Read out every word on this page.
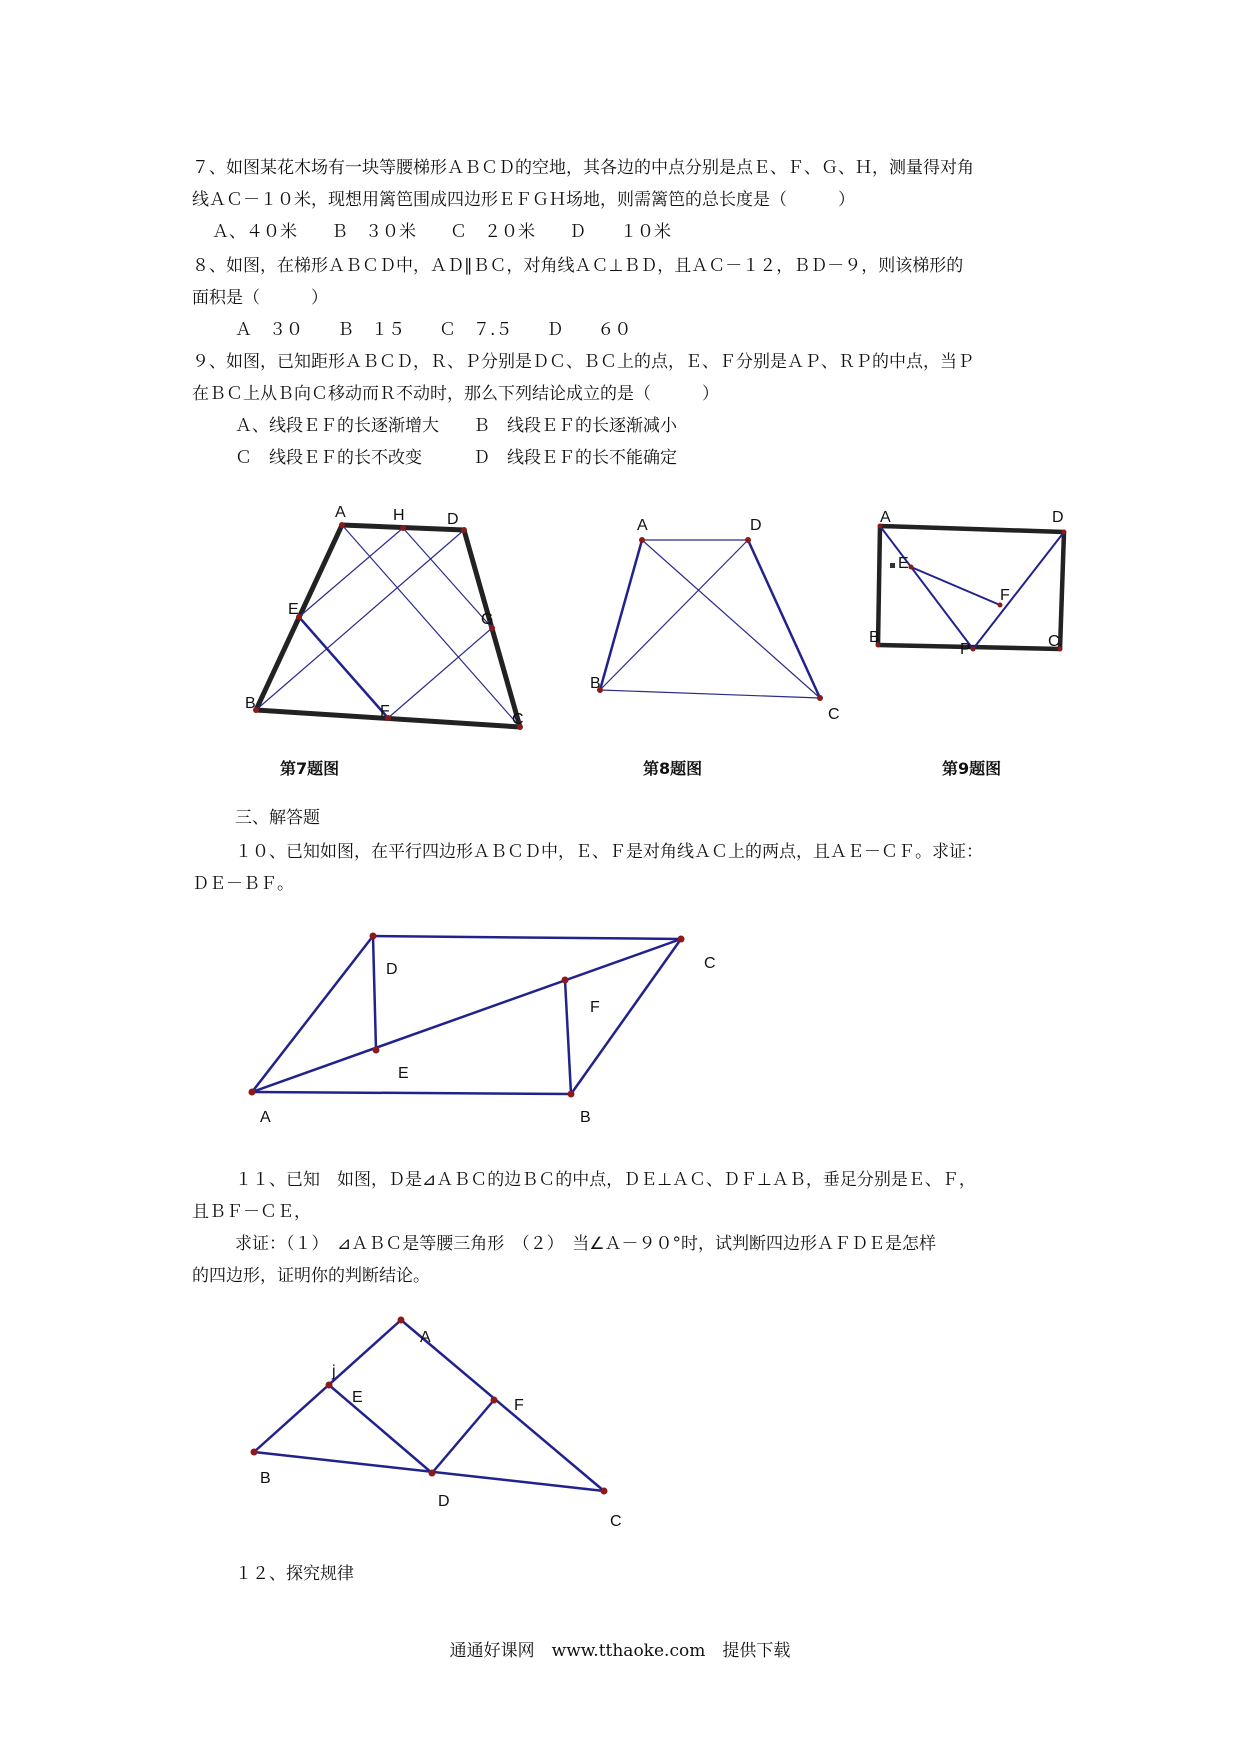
７、如图某花木场有一块等腰梯形ＡＢＣＤ的空地，其各边的中点分别是点Ｅ、Ｆ、Ｇ、Ｈ，测量得对角
线ＡＣ－１０米，现想用篱笆围成四边形ＥＦＧＨ场地，则需篱笆的总长度是（　　　）
Ａ、４０米　　Ｂ　３０米　　Ｃ　２０米　　Ｄ　　１０米
８、如图，在梯形ＡＢＣＤ中，ＡＤ∥ＢＣ，对角线ＡＣ⊥ＢＤ，且ＡＣ－１２，ＢＤ－９，则该梯形的
面积是（　　　）
Ａ　３０　　Ｂ　１５　　Ｃ　７.５　　Ｄ　　６０
９、如图，已知距形ＡＢＣＤ，Ｒ、Ｐ分别是ＤＣ、ＢＣ上的点，Ｅ、Ｆ分别是ＡＰ、ＲＰ的中点，当Ｐ
在ＢＣ上从Ｂ向Ｃ移动而Ｒ不动时，那么下列结论成立的是（　　　）
Ａ、线段ＥＦ的长逐渐增大　　Ｂ　线段ＥＦ的长逐渐减小
Ｃ　线段ＥＦ的长不改变　　　Ｄ　线段ＥＦ的长不能确定
A	H	D
E
G
B	F	C
第7题图
A	D
B
C
第8题图
A	D
E
F
B
P	C
第9题图
三、解答题
１０、已知如图，在平行四边形ＡＢＣＤ中，Ｅ、Ｆ是对角线ＡＣ上的两点，且ＡＥ－ＣＦ。求证：
ＤＥ－ＢＦ。
A	B
C
D
E
F
１１、已知　如图，Ｄ是⊿ＡＢＣ的边ＢＣ的中点，ＤＥ⊥ＡＣ、ＤＦ⊥ＡＢ，垂足分别是Ｅ、Ｆ，
且ＢＦ－ＣＥ，
求证：（１）　⊿ＡＢＣ是等腰三角形　（２）　当∠Ａ－９０°时，试判断四边形ＡＦＤＥ是怎样
的四边形，证明你的判断结论。
A
j
E	F
B
D
C
１２、探究规律
通通好课网　www.tthaoke.com　提供下载
